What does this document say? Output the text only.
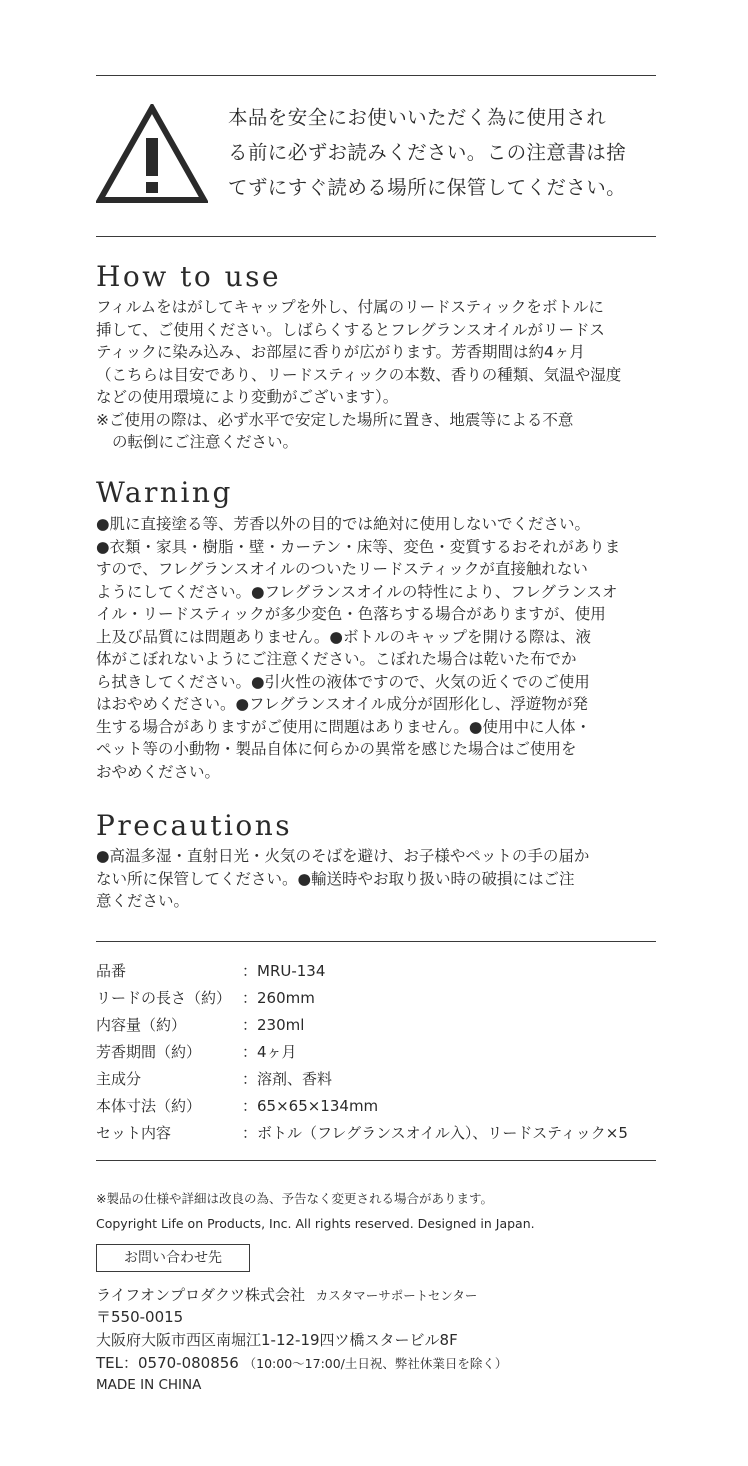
本品を安全にお使いいただく為に使用され
る前に必ずお読みください。この注意書は捨
てずにすぐ読める場所に保管してください。
How to use
フィルムをはがしてキャップを外し、付属のリードスティックをボトルに
挿して、ご使用ください。しばらくするとフレグランスオイルがリードス
ティックに染み込み、お部屋に香りが広がります。芳香期間は約4ヶ月
（こちらは目安であり、リードスティックの本数、香りの種類、気温や湿度
などの使用環境により変動がございます）。
※ご使用の際は、必ず水平で安定した場所に置き、地震等による不意
の転倒にご注意ください。
Warning
●肌に直接塗る等、芳香以外の目的では絶対に使用しないでください。
●衣類・家具・樹脂・壁・カーテン・床等、変色・変質するおそれがありま
すので、フレグランスオイルのついたリードスティックが直接触れない
ようにしてください。●フレグランスオイルの特性により、フレグランスオ
イル・リードスティックが多少変色・色落ちする場合がありますが、使用
上及び品質には問題ありません。●ボトルのキャップを開ける際は、液
体がこぼれないようにご注意ください。こぼれた場合は乾いた布でか
ら拭きしてください。●引火性の液体ですので、火気の近くでのご使用
はおやめください。●フレグランスオイル成分が固形化し、浮遊物が発
生する場合がありますがご使用に問題はありません。●使用中に人体・
ペット等の小動物・製品自体に何らかの異常を感じた場合はご使用を
おやめください。
Precautions
●高温多湿・直射日光・火気のそばを避け、お子様やペットの手の届か
ない所に保管してください。●輸送時やお取り扱い時の破損にはご注
意ください。
品番	：MRU-134
リードの長さ（約） ：260mm
内容量（約）	：230ml
芳香期間（約）	：4ヶ月
主成分	：溶剤、香料
本体寸法（約）	：65×65×134mm
セット内容	：ボトル（フレグランスオイル入）、リードスティック×5
※製品の仕様や詳細は改良の為、予告なく変更される場合があります。
Copyright Life on Products, Inc. All rights reserved. Designed in Japan.
お問い合わせ先
ライフオンプロダクツ株式会社 カスタマーサポートセンター
〒550-0015
大阪府大阪市西区南堀江1-12-19四ツ橋スタービル8F
TEL：0570-080856 （10:00〜17:00/土日祝、弊社休業日を除く）
MADE IN CHINA
